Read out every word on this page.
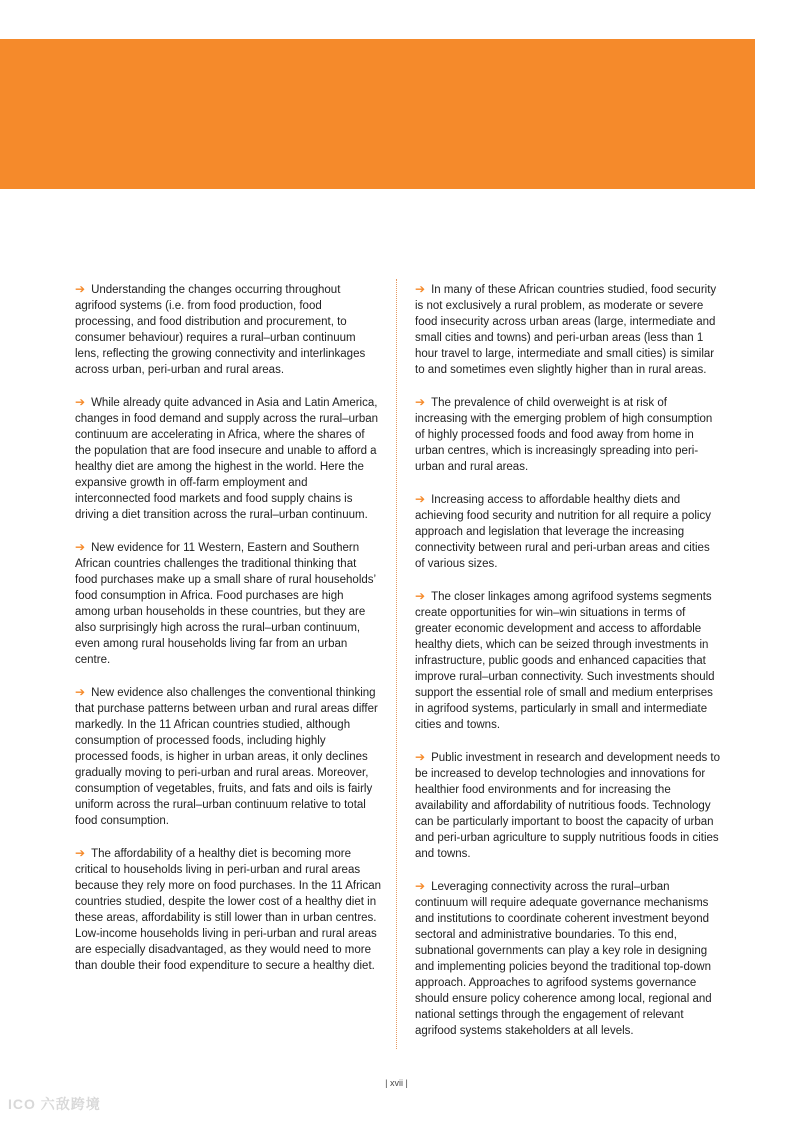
➔ Understanding the changes occurring throughout agrifood systems (i.e. from food production, food processing, and food distribution and procurement, to consumer behaviour) requires a rural–urban continuum lens, reflecting the growing connectivity and interlinkages across urban, peri-urban and rural areas.

➔ While already quite advanced in Asia and Latin America, changes in food demand and supply across the rural–urban continuum are accelerating in Africa, where the shares of the population that are food insecure and unable to afford a healthy diet are among the highest in the world. Here the expansive growth in off-farm employment and interconnected food markets and food supply chains is driving a diet transition across the rural–urban continuum.

➔ New evidence for 11 Western, Eastern and Southern African countries challenges the traditional thinking that food purchases make up a small share of rural households’ food consumption in Africa. Food purchases are high among urban households in these countries, but they are also surprisingly high across the rural–urban continuum, even among rural households living far from an urban centre.

➔ New evidence also challenges the conventional thinking that purchase patterns between urban and rural areas differ markedly. In the 11 African countries studied, although consumption of processed foods, including highly processed foods, is higher in urban areas, it only declines gradually moving to peri-urban and rural areas. Moreover, consumption of vegetables, fruits, and fats and oils is fairly uniform across the rural–urban continuum relative to total food consumption.

➔ The affordability of a healthy diet is becoming more critical to households living in peri-urban and rural areas because they rely more on food purchases. In the 11 African countries studied, despite the lower cost of a healthy diet in these areas, affordability is still lower than in urban centres. Low-income households living in peri-urban and rural areas are especially disadvantaged, as they would need to more than double their food expenditure to secure a healthy diet.

➔ In many of these African countries studied, food security is not exclusively a rural problem, as moderate or severe food insecurity across urban areas (large, intermediate and small cities and towns) and peri-urban areas (less than 1 hour travel to large, intermediate and small cities) is similar to and sometimes even slightly higher than in rural areas.

➔ The prevalence of child overweight is at risk of increasing with the emerging problem of high consumption of highly processed foods and food away from home in urban centres, which is increasingly spreading into peri-urban and rural areas.

➔ Increasing access to affordable healthy diets and achieving food security and nutrition for all require a policy approach and legislation that leverage the increasing connectivity between rural and peri-urban areas and cities of various sizes.

➔ The closer linkages among agrifood systems segments create opportunities for win–win situations in terms of greater economic development and access to affordable healthy diets, which can be seized through investments in infrastructure, public goods and enhanced capacities that improve rural–urban connectivity. Such investments should support the essential role of small and medium enterprises in agrifood systems, particularly in small and intermediate cities and towns.

➔ Public investment in research and development needs to be increased to develop technologies and innovations for healthier food environments and for increasing the availability and affordability of nutritious foods. Technology can be particularly important to boost the capacity of urban and peri-urban agriculture to supply nutritious foods in cities and towns.

➔ Leveraging connectivity across the rural–urban continuum will require adequate governance mechanisms and institutions to coordinate coherent investment beyond sectoral and administrative boundaries. To this end, subnational governments can play a key role in designing and implementing policies beyond the traditional top-down approach. Approaches to agrifood systems governance should ensure policy coherence among local, regional and national settings through the engagement of relevant agrifood systems stakeholders at all levels.

| xvii |
ICO 六敌跨境
